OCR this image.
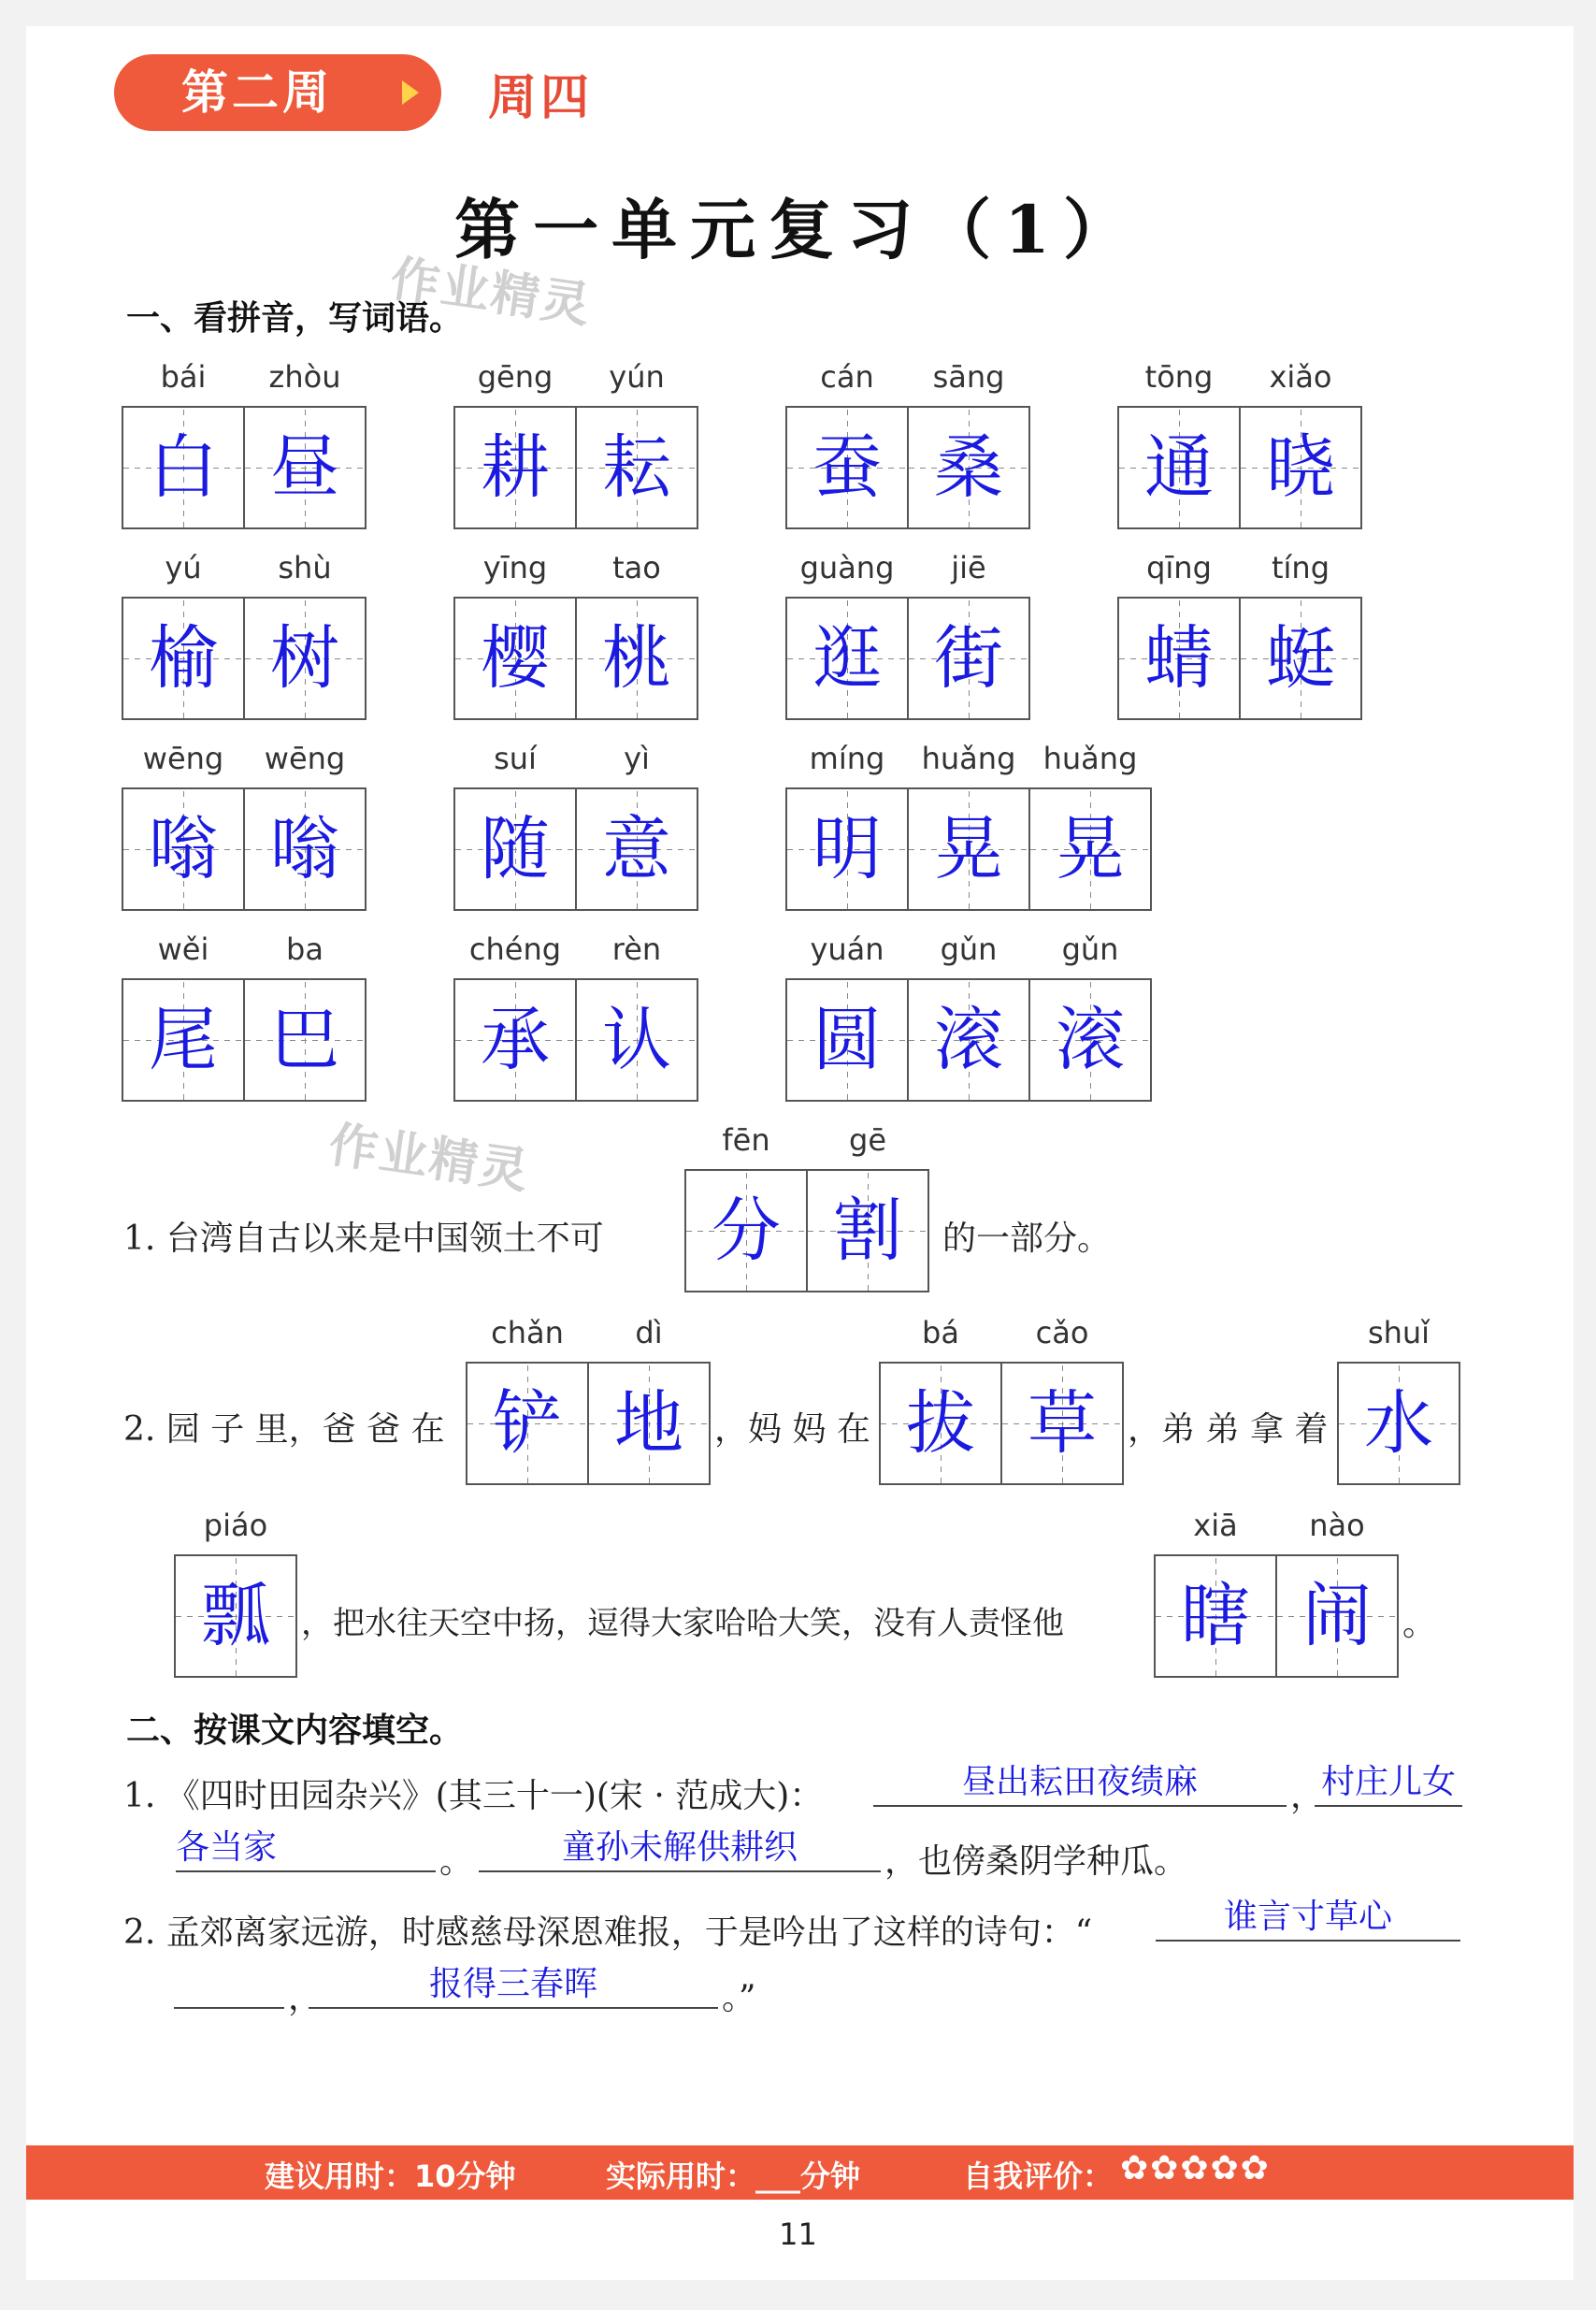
第二周	周四
第一单元复习（1）
作业精灵
作业精灵
一、看拼音，写词语。
bái
白
zhòu
昼
gēng
耕
yún
耘
cán
蚕
sāng
桑
tōng
通
xiǎo
晓
yú
榆
shù
树
yīng
樱
tao
桃
guàng
逛
jiē
街
qīng
蜻
tíng
蜓
wēng
嗡
wēng
嗡
suí
随
yì
意
míng
明
huǎng
晃
huǎng
晃
wěi
尾
ba
巴
chéng
承
rèn
认
yuán
圆
gǔn
滚
gǔn
滚
1. 台湾自古以来是中国领土不可
fēn
分
gē
割	的一部分。
2. 园 子 里，爸 爸 在
chǎn
铲
dì
地 ，妈 妈 在
bá
拔
cǎo
草 ，弟 弟 拿 着
shuǐ
水
piáo
瓢 ，把水往天空中扬，逗得大家哈哈大笑，没有人责怪他
xiā
瞎
nào
闹 。
二、按课文内容填空。
1. 《四时田园杂兴》(其三十一)(宋 · 范成大)：	昼出耘田夜绩麻	，
村庄儿女
各当家	。	童孙未解供耕织	，也傍桑阴学种瓜。
2. 孟郊离家远游，时感慈母深恩难报，于是吟出了这样的诗句：“	谁言寸草心
，	报得三春晖	。”
建议用时：10分钟	实际用时：___分钟	自我评价： ✿✿✿✿✿
11
